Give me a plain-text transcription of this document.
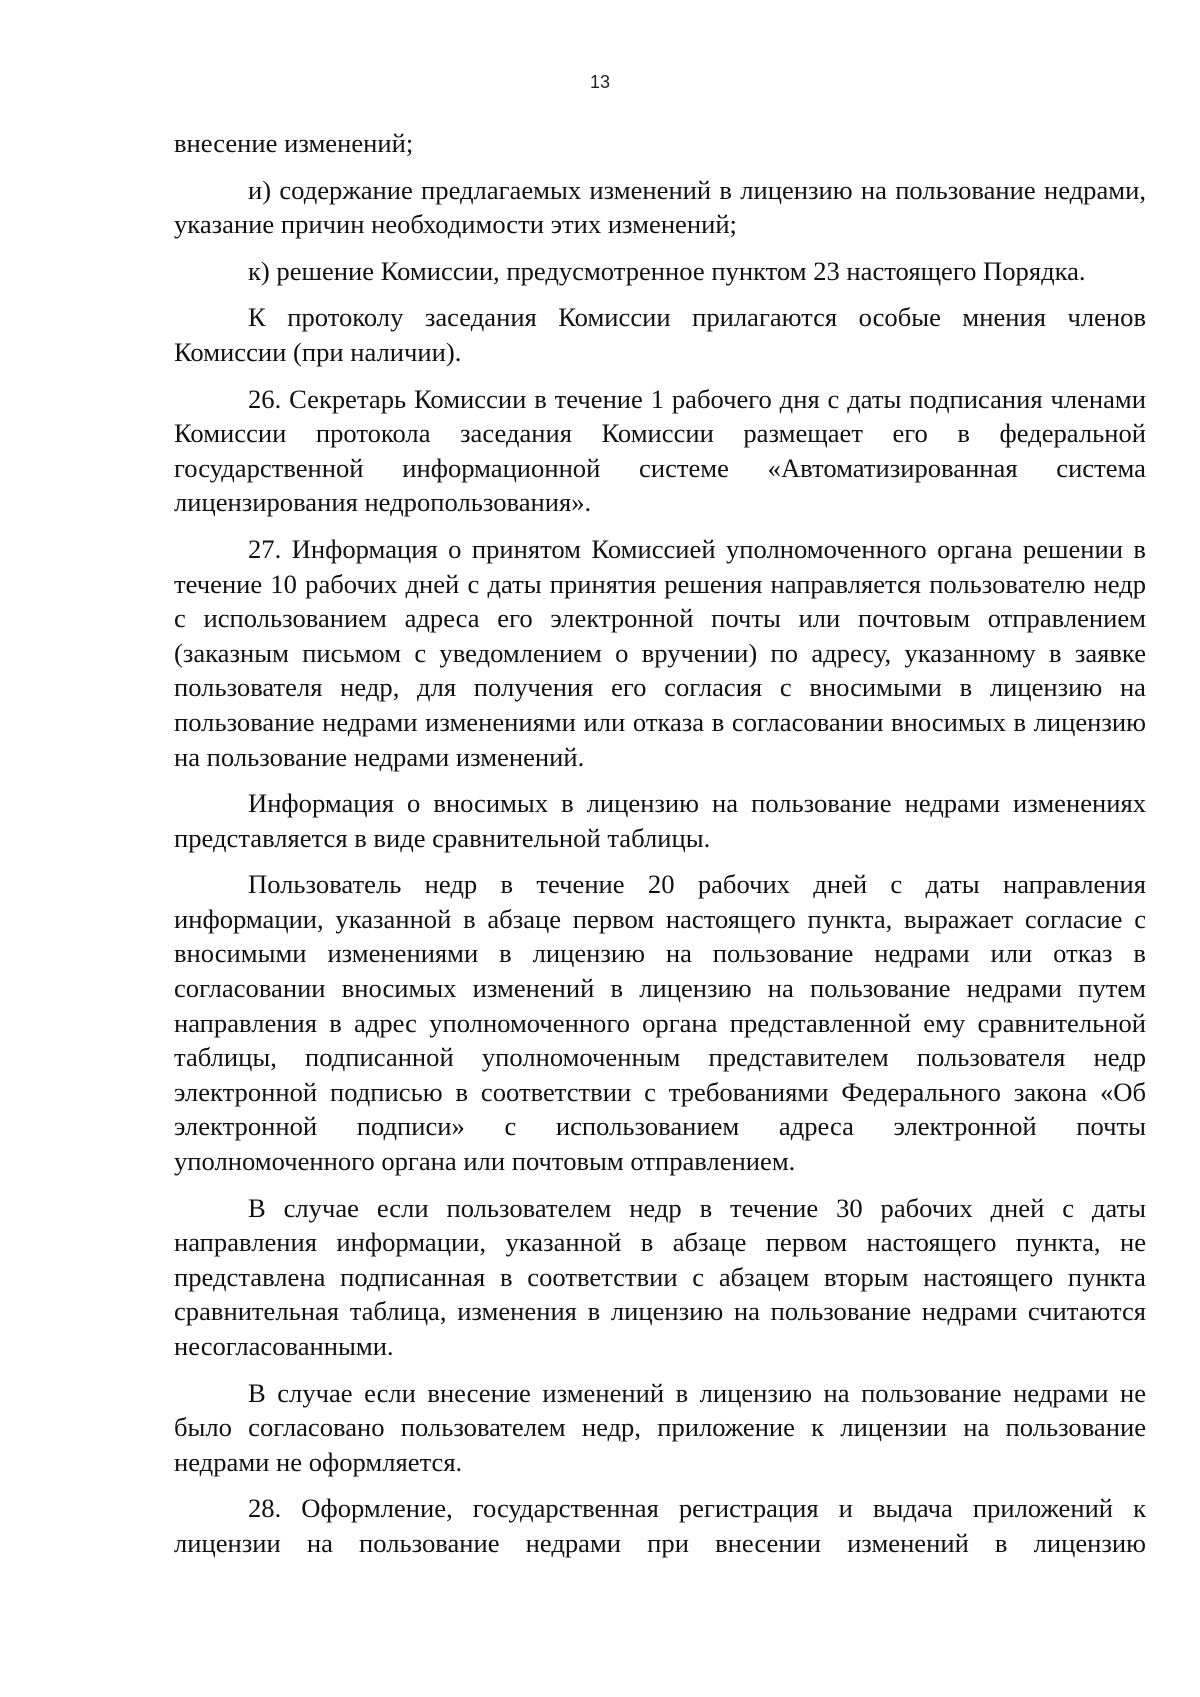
13

внесение изменений;

и) содержание предлагаемых изменений в лицензию на пользование недрами, указание причин необходимости этих изменений;

к) решение Комиссии, предусмотренное пунктом 23 настоящего Порядка.

К протоколу заседания Комиссии прилагаются особые мнения членов Комиссии (при наличии).

26. Секретарь Комиссии в течение 1 рабочего дня с даты подписания членами Комиссии протокола заседания Комиссии размещает его в федеральной государственной информационной системе «Автоматизированная система лицензирования недропользования».

27. Информация о принятом Комиссией уполномоченного органа решении в течение 10 рабочих дней с даты принятия решения направляется пользователю недр с использованием адреса его электронной почты или почтовым отправлением (заказным письмом с уведомлением о вручении) по адресу, указанному в заявке пользователя недр, для получения его согласия с вносимыми в лицензию на пользование недрами изменениями или отказа в согласовании вносимых в лицензию на пользование недрами изменений.

Информация о вносимых в лицензию на пользование недрами изменениях представляется в виде сравнительной таблицы.

Пользователь недр в течение 20 рабочих дней с даты направления информации, указанной в абзаце первом настоящего пункта, выражает согласие с вносимыми изменениями в лицензию на пользование недрами или отказ в согласовании вносимых изменений в лицензию на пользование недрами путем направления в адрес уполномоченного органа представленной ему сравнительной таблицы, подписанной уполномоченным представителем пользователя недр электронной подписью в соответствии с требованиями Федерального закона «Об электронной подписи» с использованием адреса электронной почты уполномоченного органа или почтовым отправлением.

В случае если пользователем недр в течение 30 рабочих дней с даты направления информации, указанной в абзаце первом настоящего пункта, не представлена подписанная в соответствии с абзацем вторым настоящего пункта сравнительная таблица, изменения в лицензию на пользование недрами считаются несогласованными.

В случае если внесение изменений в лицензию на пользование недрами не было согласовано пользователем недр, приложение к лицензии на пользование недрами не оформляется.

28. Оформление, государственная регистрация и выдача приложений к лицензии на пользование недрами при внесении изменений в лицензию
